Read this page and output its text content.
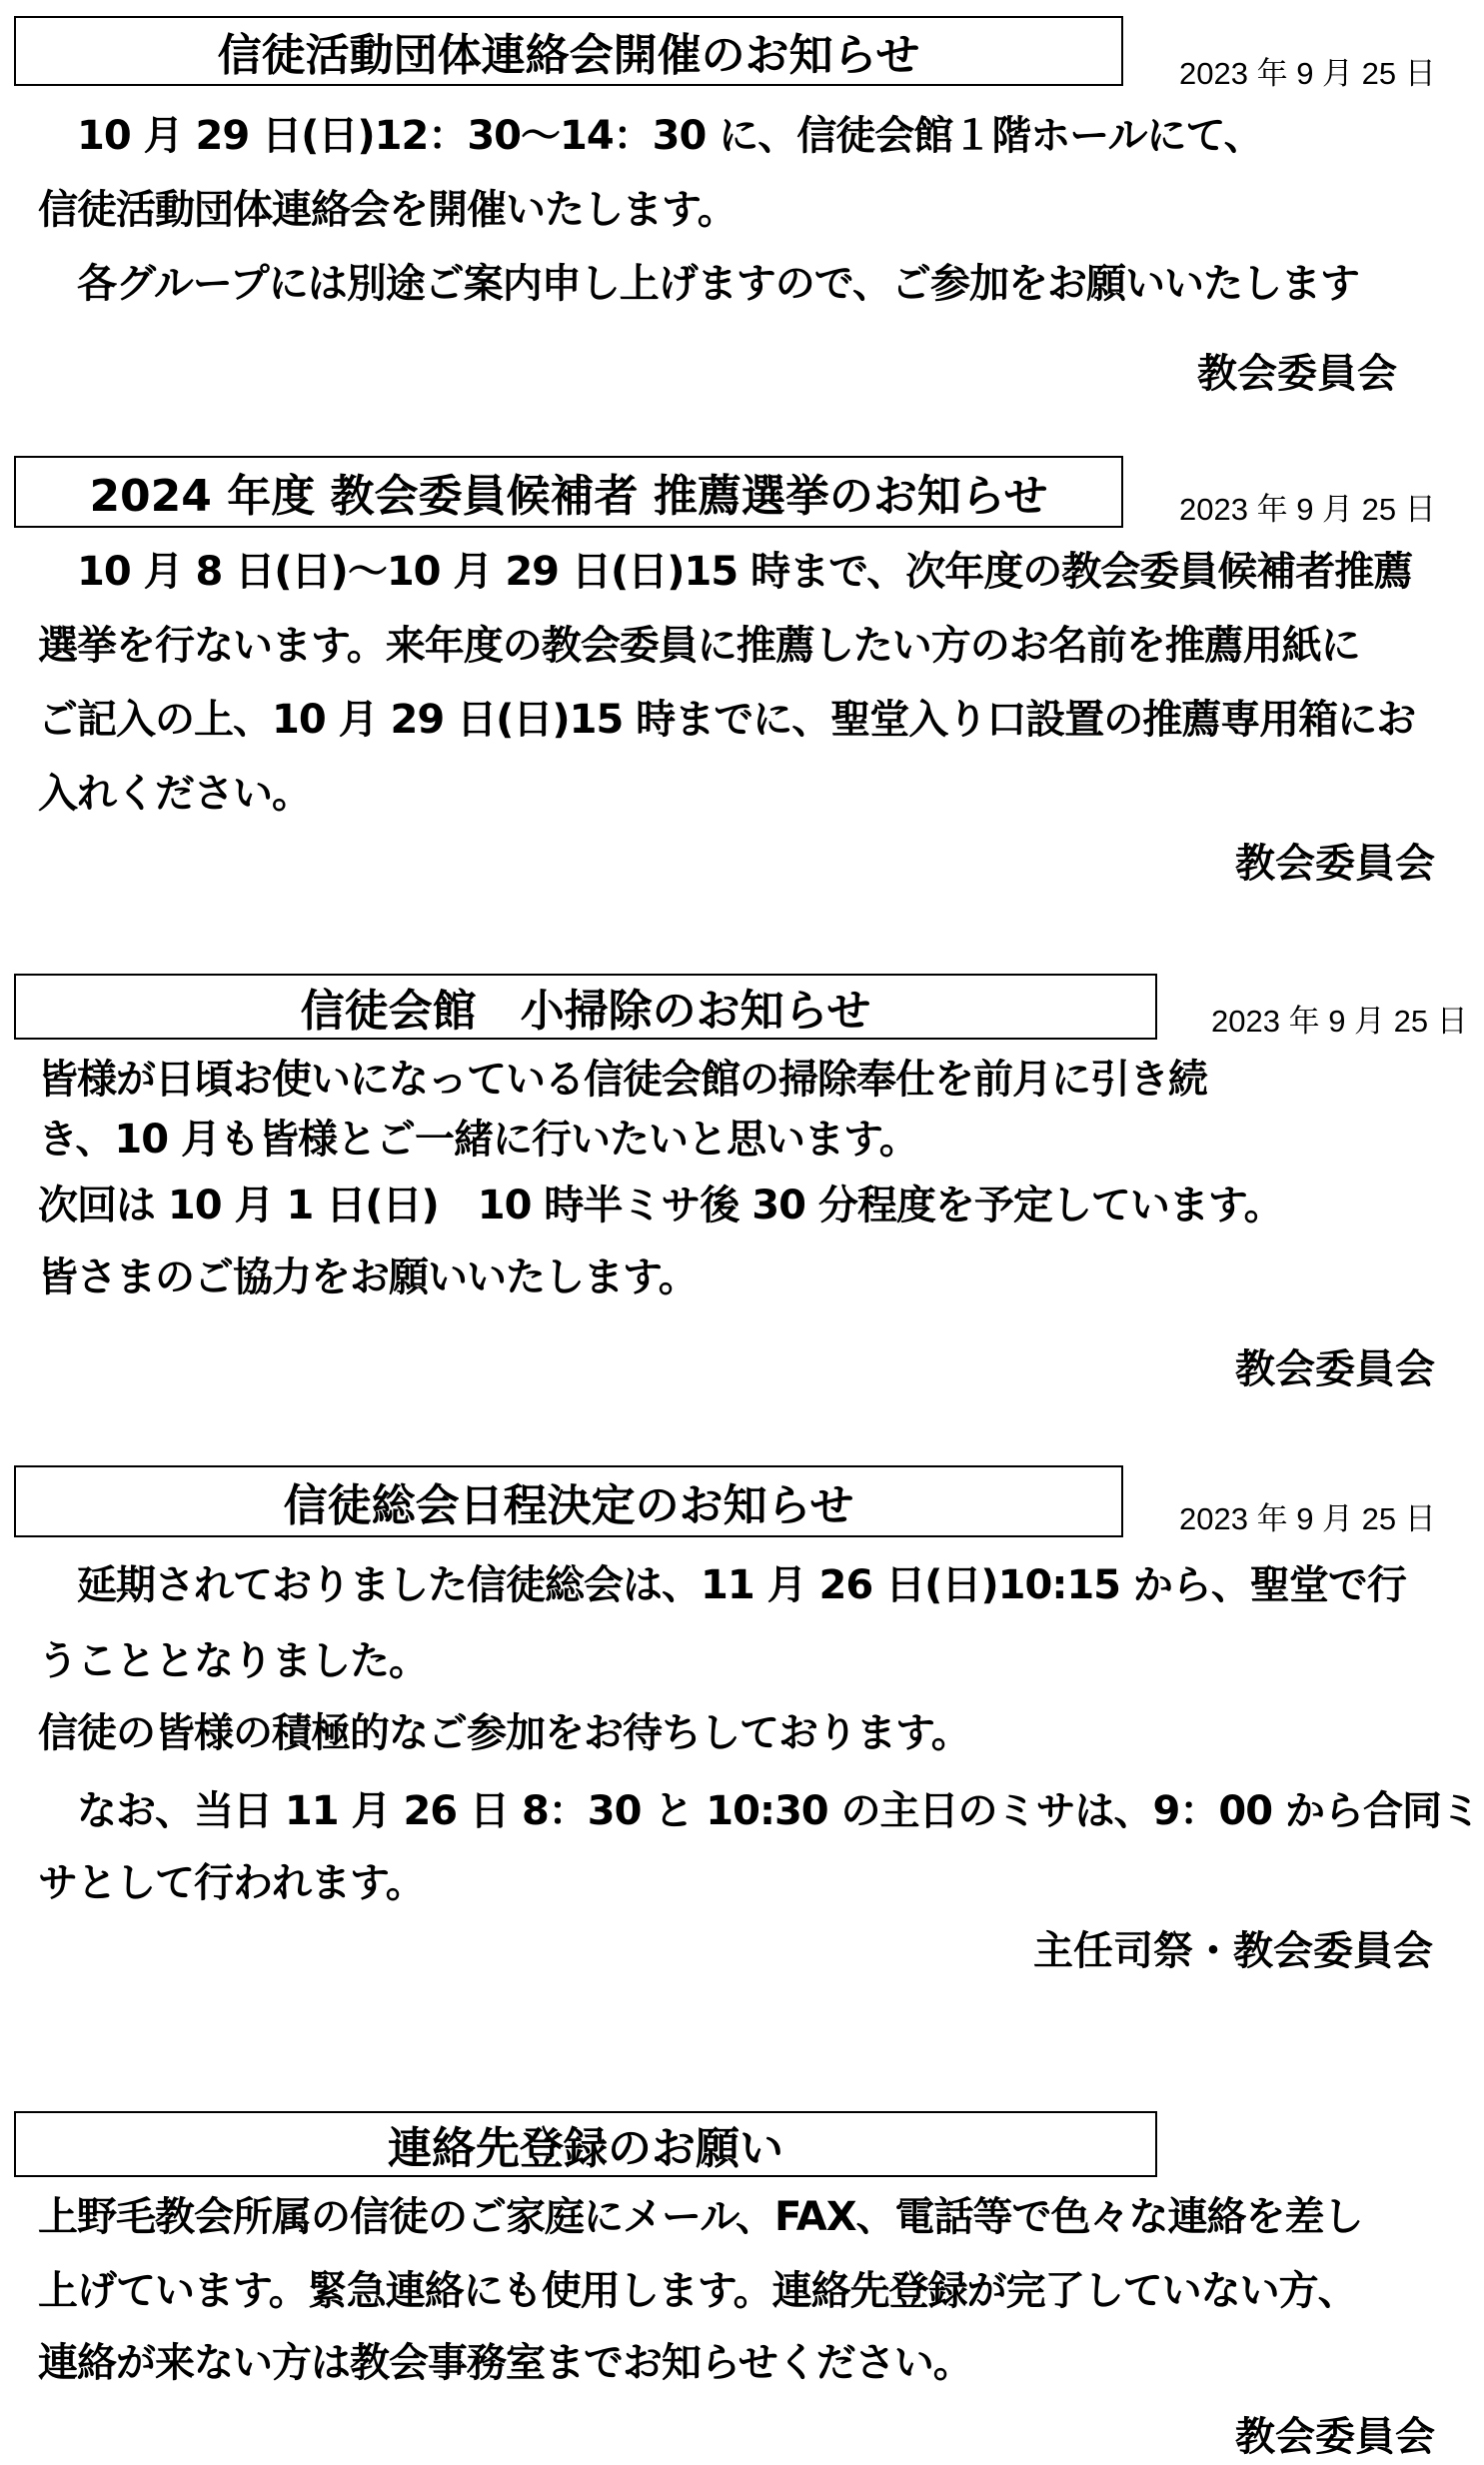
信徒活動団体連絡会開催のお知らせ	2023 年 9 月 25 日
　10 月 29 日(日)12：30〜14：30 に、信徒会館１階ホールにて、
信徒活動団体連絡会を開催いたします。
　各グループには別途ご案内申し上げますので、ご参加をお願いいたします
教会委員会
2024 年度 教会委員候補者 推薦選挙のお知らせ	2023 年 9 月 25 日
　10 月 8 日(日)〜10 月 29 日(日)15 時まで、次年度の教会委員候補者推薦
選挙を行ないます。来年度の教会委員に推薦したい方のお名前を推薦用紙に
ご記入の上、10 月 29 日(日)15 時までに、聖堂入り口設置の推薦専用箱にお
入れください。
教会委員会
信徒会館　小掃除のお知らせ	2023 年 9 月 25 日
皆様が日頃お使いになっている信徒会館の掃除奉仕を前月に引き続
き、10 月も皆様とご一緒に行いたいと思います。
次回は 10 月 1 日(日)　10 時半ミサ後 30 分程度を予定しています。
皆さまのご協力をお願いいたします。
教会委員会
信徒総会日程決定のお知らせ	2023 年 9 月 25 日
　延期されておりました信徒総会は、11 月 26 日(日)10:15 から、聖堂で行
うこととなりました。
信徒の皆様の積極的なご参加をお待ちしております。
　なお、当日 11 月 26 日 8：30 と 10:30 の主日のミサは、9：00 から合同ミ
サとして行われます。
主任司祭・教会委員会
連絡先登録のお願い
上野毛教会所属の信徒のご家庭にメール、FAX、電話等で色々な連絡を差し
上げています。緊急連絡にも使用します。連絡先登録が完了していない方、
連絡が来ない方は教会事務室までお知らせください。
教会委員会
